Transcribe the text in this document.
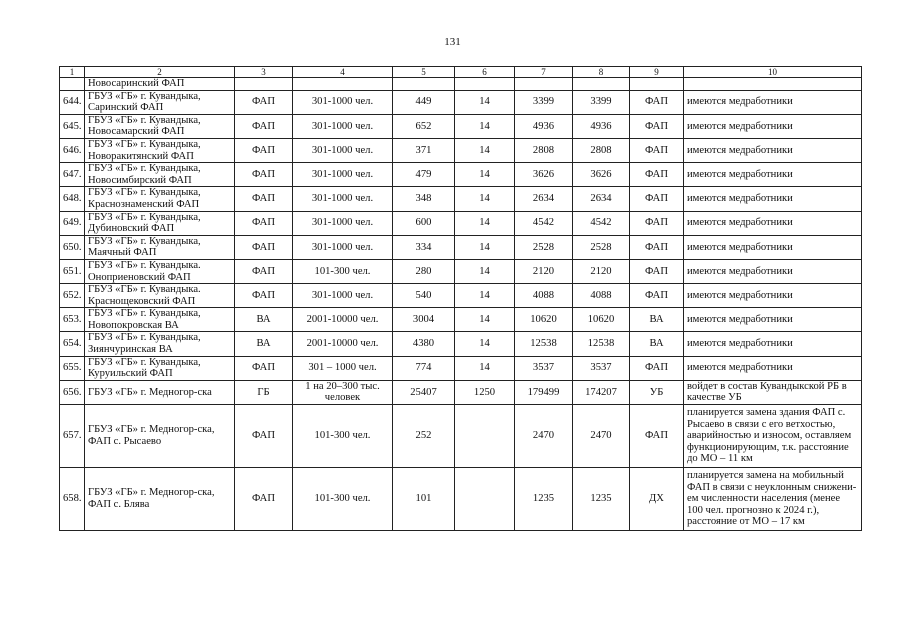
131
1	2	3	4	5	6	7	8	9	10
	Новосаринский ФАП								
644.	ГБУЗ «ГБ» г. Кувандыка, Саринский ФАП	ФАП	301-1000 чел.	449	14	3399	3399	ФАП	имеются медработники
645.	ГБУЗ «ГБ» г. Кувандыка, Новосамарский ФАП	ФАП	301-1000 чел.	652	14	4936	4936	ФАП	имеются медработники
646.	ГБУЗ «ГБ» г. Кувандыка, Новоракитянский ФАП	ФАП	301-1000 чел.	371	14	2808	2808	ФАП	имеются медработники
647.	ГБУЗ «ГБ» г. Кувандыка, Новосимбирский ФАП	ФАП	301-1000 чел.	479	14	3626	3626	ФАП	имеются медработники
648.	ГБУЗ «ГБ» г. Кувандыка, Краснознаменский ФАП	ФАП	301-1000 чел.	348	14	2634	2634	ФАП	имеются медработники
649.	ГБУЗ «ГБ» г. Кувандыка, Дубиновский ФАП	ФАП	301-1000 чел.	600	14	4542	4542	ФАП	имеются медработники
650.	ГБУЗ «ГБ» г. Кувандыка, Маячный ФАП	ФАП	301-1000 чел.	334	14	2528	2528	ФАП	имеются медработники
651.	ГБУЗ «ГБ» г. Кувандыка. Оноприеновский ФАП	ФАП	101-300 чел.	280	14	2120	2120	ФАП	имеются медработники
652.	ГБУЗ «ГБ» г. Кувандыка. Краснощековский ФАП	ФАП	301-1000 чел.	540	14	4088	4088	ФАП	имеются медработники
653.	ГБУЗ «ГБ» г. Кувандыка, Новопокровская ВА	ВА	2001-10000 чел.	3004	14	10620	10620	ВА	имеются медработники
654.	ГБУЗ «ГБ» г. Кувандыка, Зиянчуринская ВА	ВА	2001-10000 чел.	4380	14	12538	12538	ВА	имеются медработники
655.	ГБУЗ «ГБ» г. Кувандыка, Куруильский ФАП	ФАП	301 – 1000 чел.	774	14	3537	3537	ФАП	имеются медработники
656.	ГБУЗ «ГБ» г. Медногор-ска	ГБ	1 на 20–300 тыс. человек	25407	1250	179499	174207	УБ	войдет в состав Кувандыкской РБ в качестве УБ
657.	ГБУЗ «ГБ» г. Медногор-ска, ФАП с. Рысаево	ФАП	101-300 чел.	252		2470	2470	ФАП	планируется замена здания ФАП с. Рысаево в связи с его ветхостью, аварийностью и износом, оставляем функционирующим, т.к. расстояние до МО – 11 км
658.	ГБУЗ «ГБ» г. Медногор-ска, ФАП с. Блява	ФАП	101-300 чел.	101		1235	1235	ДХ	планируется замена на мобильный ФАП в связи с неуклонным снижени-ем численности населения (менее 100 чел. прогнозно к 2024 г.), расстояние от МО – 17 км
